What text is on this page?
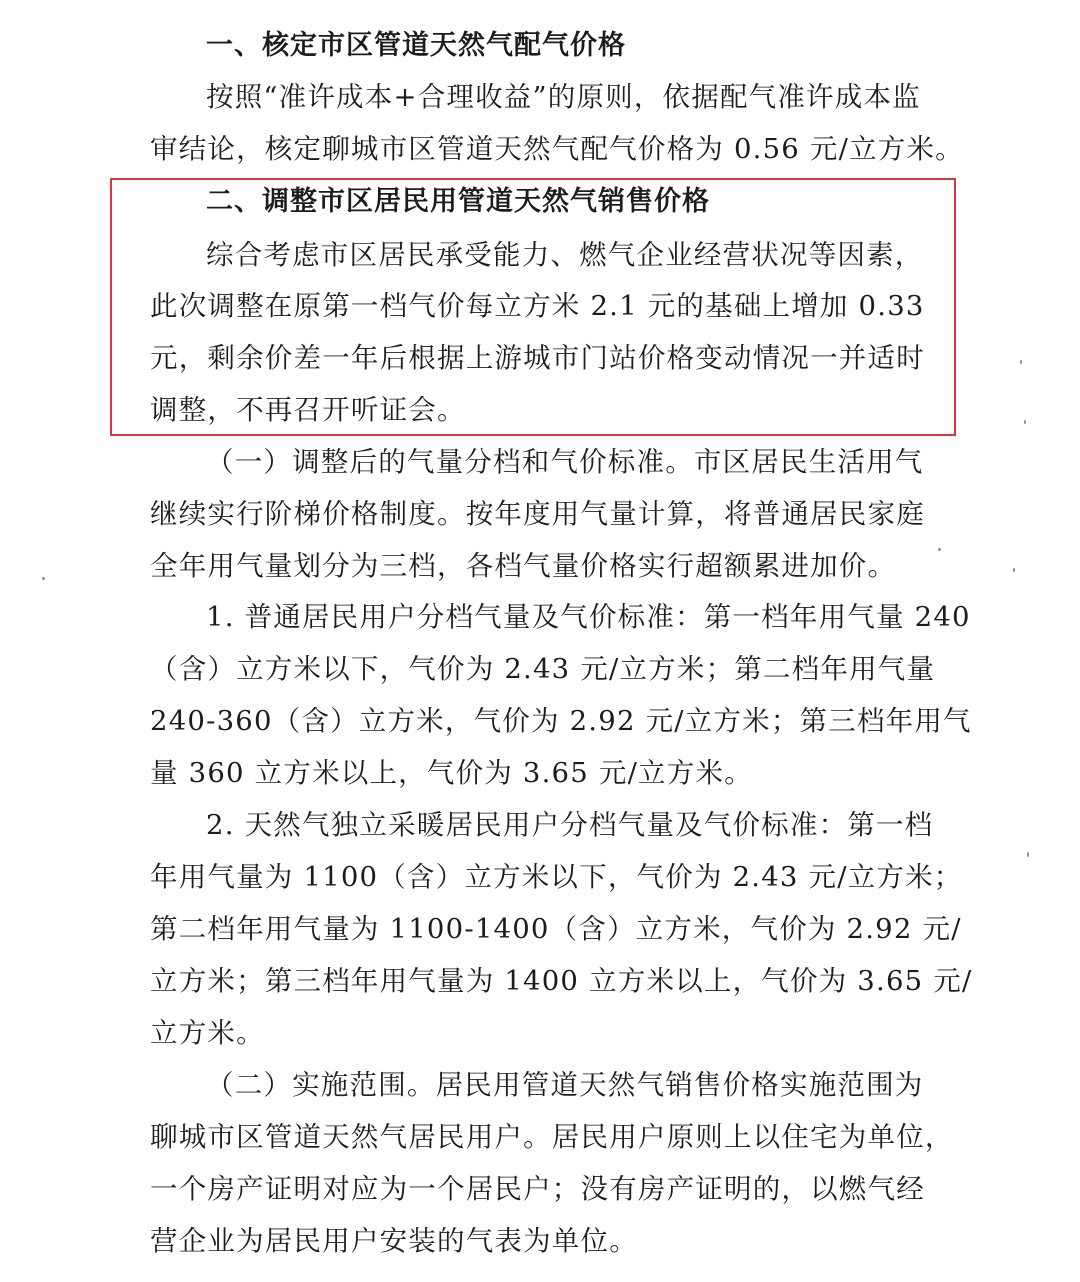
一、核定市区管道天然气配气价格
按照“准许成本+合理收益”的原则，依据配气准许成本监
审结论，核定聊城市区管道天然气配气价格为 0.56 元/立方米。
二、调整市区居民用管道天然气销售价格
综合考虑市区居民承受能力、燃气企业经营状况等因素，
此次调整在原第一档气价每立方米 2.1 元的基础上增加 0.33
元，剩余价差一年后根据上游城市门站价格变动情况一并适时
调整，不再召开听证会。
（一）调整后的气量分档和气价标准。市区居民生活用气
继续实行阶梯价格制度。按年度用气量计算，将普通居民家庭
全年用气量划分为三档，各档气量价格实行超额累进加价。
1. 普通居民用户分档气量及气价标准：第一档年用气量 240
（含）立方米以下，气价为 2.43 元/立方米；第二档年用气量
240-360（含）立方米，气价为 2.92 元/立方米；第三档年用气
量 360 立方米以上，气价为 3.65 元/立方米。
2. 天然气独立采暖居民用户分档气量及气价标准：第一档
年用气量为 1100（含）立方米以下，气价为 2.43 元/立方米；
第二档年用气量为 1100-1400（含）立方米，气价为 2.92 元/
立方米；第三档年用气量为 1400 立方米以上，气价为 3.65 元/
立方米。
（二）实施范围。居民用管道天然气销售价格实施范围为
聊城市区管道天然气居民用户。居民用户原则上以住宅为单位，
一个房产证明对应为一个居民户；没有房产证明的，以燃气经
营企业为居民用户安装的气表为单位。
